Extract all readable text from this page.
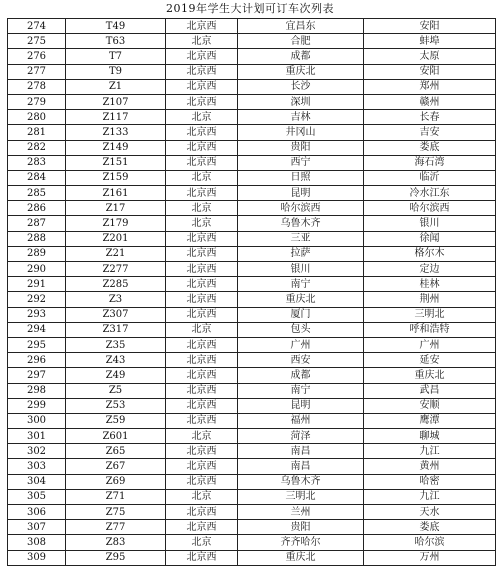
2019年学生大计划可订车次列表
274	T49	北京西	宜昌东	安阳
275	T63	北京	合肥	蚌埠
276	T7	北京西	成都	太原
277	T9	北京西	重庆北	安阳
278	Z1	北京西	长沙	郑州
279	Z107	北京西	深圳	赣州
280	Z117	北京	吉林	长春
281	Z133	北京西	井冈山	吉安
282	Z149	北京西	贵阳	娄底
283	Z151	北京西	西宁	海石湾
284	Z159	北京	日照	临沂
285	Z161	北京西	昆明	冷水江东
286	Z17	北京	哈尔滨西	哈尔滨西
287	Z179	北京	乌鲁木齐	银川
288	Z201	北京西	三亚	徐闻
289	Z21	北京西	拉萨	格尔木
290	Z277	北京西	银川	定边
291	Z285	北京西	南宁	桂林
292	Z3	北京西	重庆北	荆州
293	Z307	北京西	厦门	三明北
294	Z317	北京	包头	呼和浩特
295	Z35	北京西	广州	广州
296	Z43	北京西	西安	延安
297	Z49	北京西	成都	重庆北
298	Z5	北京西	南宁	武昌
299	Z53	北京西	昆明	安顺
300	Z59	北京西	福州	鹰潭
301	Z601	北京	菏泽	聊城
302	Z65	北京西	南昌	九江
303	Z67	北京西	南昌	黄州
304	Z69	北京西	乌鲁木齐	哈密
305	Z71	北京	三明北	九江
306	Z75	北京西	兰州	天水
307	Z77	北京西	贵阳	娄底
308	Z83	北京	齐齐哈尔	哈尔滨
309	Z95	北京西	重庆北	万州
